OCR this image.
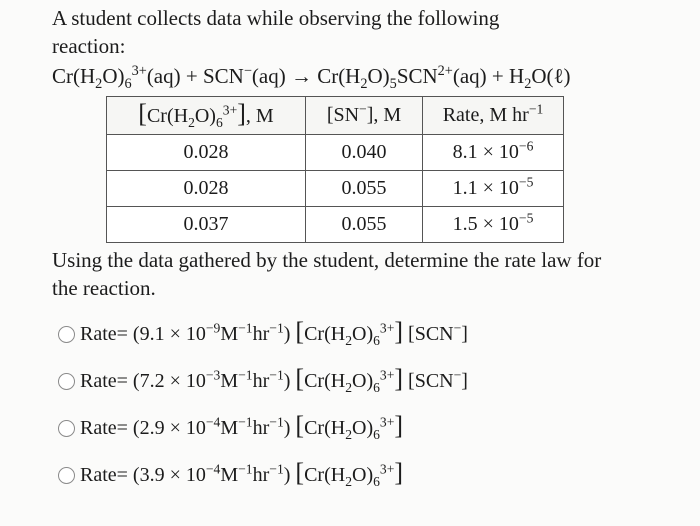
A student collects data while observing the following reaction:

$Cr(H_2O)_6^{3+}(aq) + SCN^-(aq) \to Cr(H_2O)_5SCN^{2+}(aq)$ + $H_2O(\ell)$

$[Cr(H_2O)_6^{3+}]$, M	[SN−], M	Rate, M $hr^{-1}$
0.028	0.040	$8.1 \times 10^{-6}$
0.028	0.055	$1.1 \times 10^{-5}$
0.037	0.055	$1.5 \times 10^{-5}$

Using the data gathered by the student, determine the rate law for the reaction.

Rate= $(9.1 \times 10^{-9}M^{-1}hr^{-1})$ $[Cr(H_2O)_6^{3+}]$ [SCN−]
Rate= $(7.2 \times 10^{-3}M^{-1}hr^{-1})$ $[Cr(H_2O)_6^{3+}]$ [SCN−]
Rate= $(2.9 \times 10^{-4}M^{-1}hr^{-1})$ $[Cr(H_2O)_6^{3+}]$
Rate= $(3.9 \times 10^{-4}M^{-1}hr^{-1})$ $[Cr(H_2O)_6^{3+}]$
